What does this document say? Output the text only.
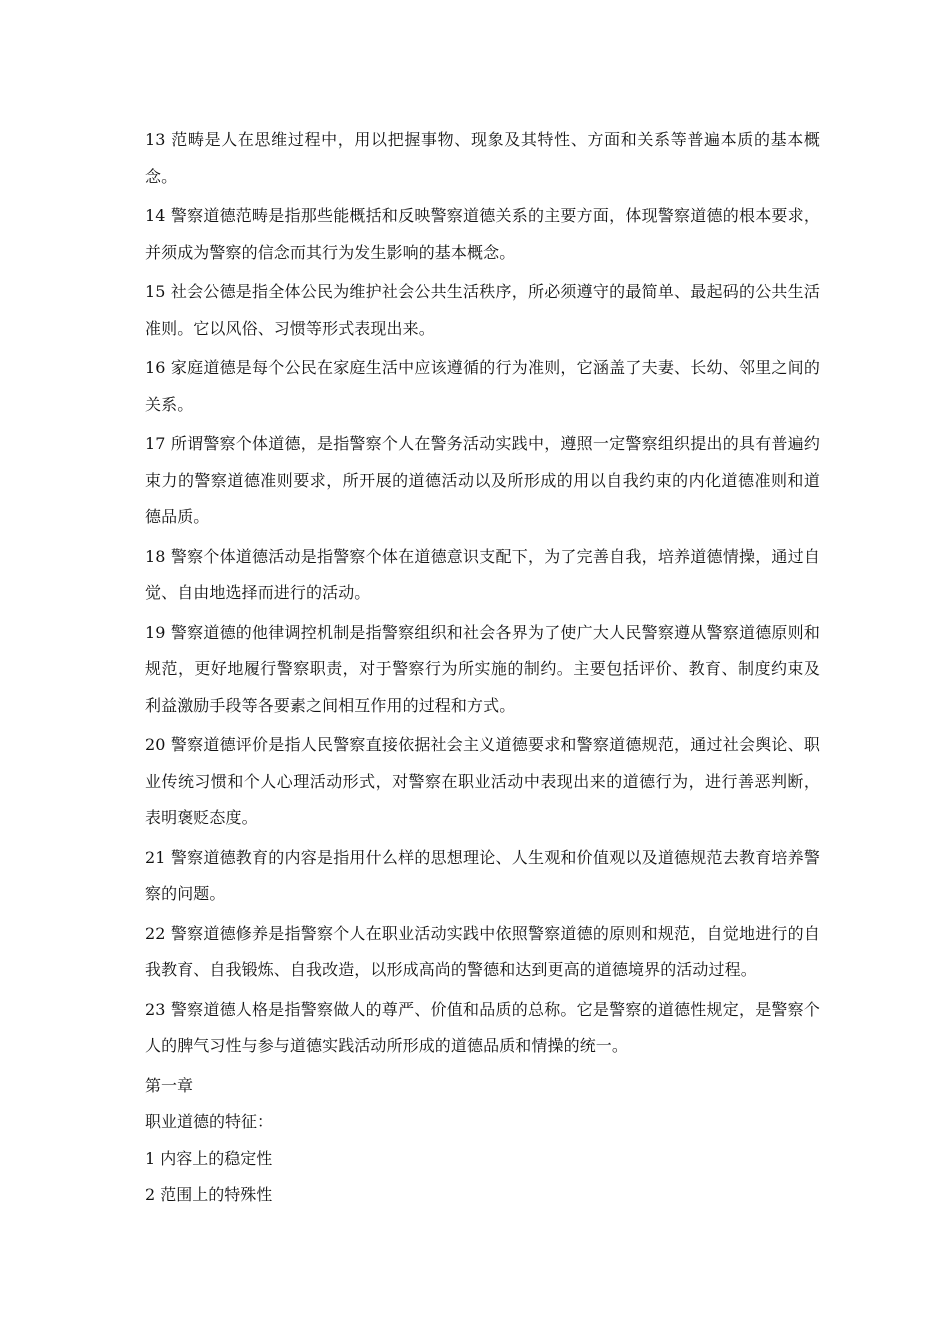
13 范畴是人在思维过程中，用以把握事物、现象及其特性、方面和关系等普遍本质的基本概念。

14 警察道德范畴是指那些能概括和反映警察道德关系的主要方面，体现警察道德的根本要求，并须成为警察的信念而其行为发生影响的基本概念。

15 社会公德是指全体公民为维护社会公共生活秩序，所必须遵守的最简单、最起码的公共生活准则。它以风俗、习惯等形式表现出来。

16 家庭道德是每个公民在家庭生活中应该遵循的行为准则，它涵盖了夫妻、长幼、邻里之间的关系。

17 所谓警察个体道德，是指警察个人在警务活动实践中，遵照一定警察组织提出的具有普遍约束力的警察道德准则要求，所开展的道德活动以及所形成的用以自我约束的内化道德准则和道德品质。

18 警察个体道德活动是指警察个体在道德意识支配下，为了完善自我，培养道德情操，通过自觉、自由地选择而进行的活动。

19 警察道德的他律调控机制是指警察组织和社会各界为了使广大人民警察遵从警察道德原则和规范，更好地履行警察职责，对于警察行为所实施的制约。主要包括评价、教育、制度约束及利益激励手段等各要素之间相互作用的过程和方式。

20 警察道德评价是指人民警察直接依据社会主义道德要求和警察道德规范，通过社会舆论、职业传统习惯和个人心理活动形式，对警察在职业活动中表现出来的道德行为，进行善恶判断，表明褒贬态度。

21 警察道德教育的内容是指用什么样的思想理论、人生观和价值观以及道德规范去教育培养警察的问题。

22 警察道德修养是指警察个人在职业活动实践中依照警察道德的原则和规范，自觉地进行的自我教育、自我锻炼、自我改造，以形成高尚的警德和达到更高的道德境界的活动过程。

23 警察道德人格是指警察做人的尊严、价值和品质的总称。它是警察的道德性规定，是警察个人的脾气习性与参与道德实践活动所形成的道德品质和情操的统一。

第一章

职业道德的特征：

1 内容上的稳定性

2 范围上的特殊性
